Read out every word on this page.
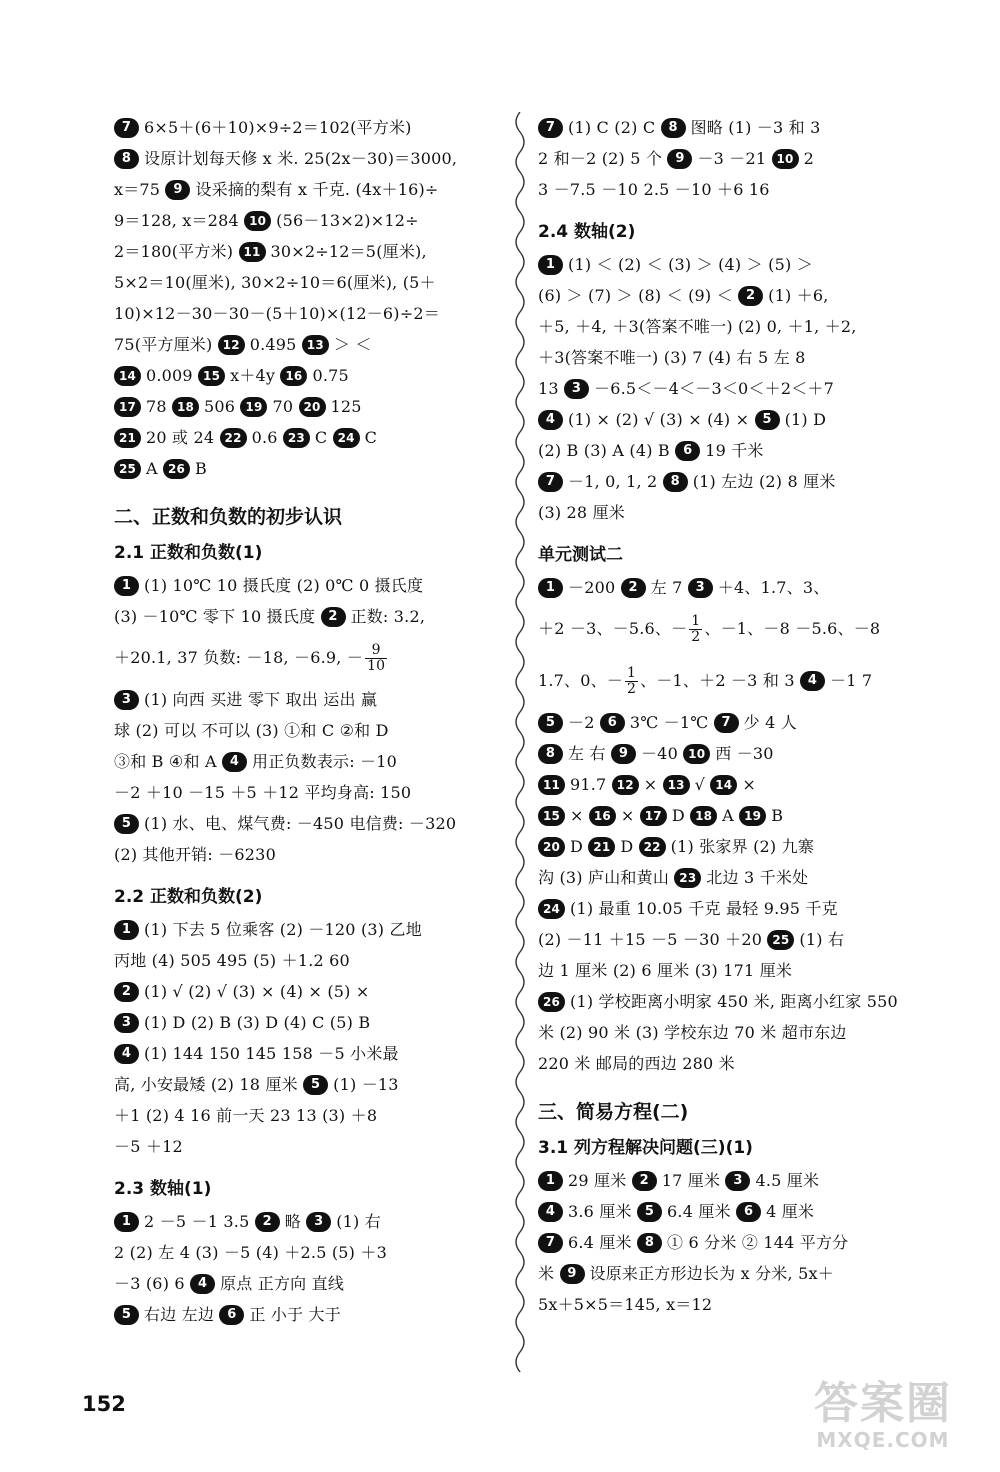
7 6×5＋(6＋10)×9÷2＝102(平方米)
8 设原计划每天修 x 米. 25(2x－30)＝3000,
x＝75 9 设采摘的梨有 x 千克. (4x＋16)÷
9＝128, x＝284 10 (56－13×2)×12÷
2＝180(平方米) 11 30×2÷12＝5(厘米),
5×2＝10(厘米), 30×2÷10＝6(厘米), (5＋
10)×12－30－30－(5＋10)×(12－6)÷2＝
75(平方厘米) 12 0.495 13 ＞ ＜
14 0.009 15 x＋4y 16 0.75
17 78 18 506 19 70 20 125
21 20 或 24 22 0.6 23 C 24 C
25 A 26 B
二、正数和负数的初步认识
2.1 正数和负数(1)
1 (1) 10℃ 10 摄氏度 (2) 0℃ 0 摄氏度
(3) －10℃ 零下 10 摄氏度 2 正数: 3.2,
＋20.1, 37 负数: －18, －6.9, － $\frac{9}{10}$
3 (1) 向西 买进 零下 取出 运出 赢
球 (2) 可以 不可以 (3) ①和 C ②和 D
③和 B ④和 A 4 用正负数表示: －10
－2 ＋10 －15 ＋5 ＋12 平均身高: 150
5 (1) 水、电、煤气费: －450 电信费: －320
(2) 其他开销: －6230
2.2 正数和负数(2)
1 (1) 下去 5 位乘客 (2) －120 (3) 乙地
丙地 (4) 505 495 (5) ＋1.2 60
2 (1) √ (2) √ (3) × (4) × (5) ×
3 (1) D (2) B (3) D (4) C (5) B
4 (1) 144 150 145 158 －5 小米最
高, 小安最矮 (2) 18 厘米 5 (1) －13
＋1 (2) 4 16 前一天 23 13 (3) ＋8
－5 ＋12
2.3 数轴(1)
1 2 －5 －1 3.5 2 略 3 (1) 右
2 (2) 左 4 (3) －5 (4) ＋2.5 (5) ＋3
－3 (6) 6 4 原点 正方向 直线
5 右边 左边 6 正 小于 大于
7 (1) C (2) C 8 图略 (1) －3 和 3
2 和－2 (2) 5 个 9 －3 －21 10 2
3 －7.5 －10 2.5 －10 ＋6 16
2.4 数轴(2)
1 (1) ＜ (2) ＜ (3) ＞ (4) ＞ (5) ＞
(6) ＞ (7) ＞ (8) ＜ (9) ＜ 2 (1) ＋6,
＋5, ＋4, ＋3(答案不唯一) (2) 0, ＋1, ＋2,
＋3(答案不唯一) (3) 7 (4) 右 5 左 8
13 3 －6.5＜－4＜－3＜0＜＋2＜＋7
4 (1) × (2) √ (3) × (4) × 5 (1) D
(2) B (3) A (4) B 6 19 千米
7 －1, 0, 1, 2 8 (1) 左边 (2) 8 厘米
(3) 28 厘米
单元测试二
1 －200 2 左 7 3 ＋4、1.7、3、
＋2 －3、－5.6、－ $\frac{1}{2}$ 、－1、－8 －5.6、－8
1.7、0、－ $\frac{1}{2}$ 、－1、＋2 －3 和 3 4 －1 7
5 －2 6 3℃ －1℃ 7 少 4 人
8 左 右 9 －40 10 西 －30
11 91.7 12 × 13 √ 14 ×
15 × 16 × 17 D 18 A 19 B
20 D 21 D 22 (1) 张家界 (2) 九寨
沟 (3) 庐山和黄山 23 北边 3 千米处
24 (1) 最重 10.05 千克 最轻 9.95 千克
(2) －11 ＋15 －5 －30 ＋20 25 (1) 右
边 1 厘米 (2) 6 厘米 (3) 171 厘米
26 (1) 学校距离小明家 450 米, 距离小红家 550
米 (2) 90 米 (3) 学校东边 70 米 超市东边
220 米 邮局的西边 280 米
三、简易方程(二)
3.1 列方程解决问题(三)(1)
1 29 厘米 2 17 厘米 3 4.5 厘米
4 3.6 厘米 5 6.4 厘米 6 4 厘米
7 6.4 厘米 8 ① 6 分米 ② 144 平方分
米 9 设原来正方形边长为 x 分米, 5x＋
5x＋5×5＝145, x＝12
152	答案圈
MXQE.COM
